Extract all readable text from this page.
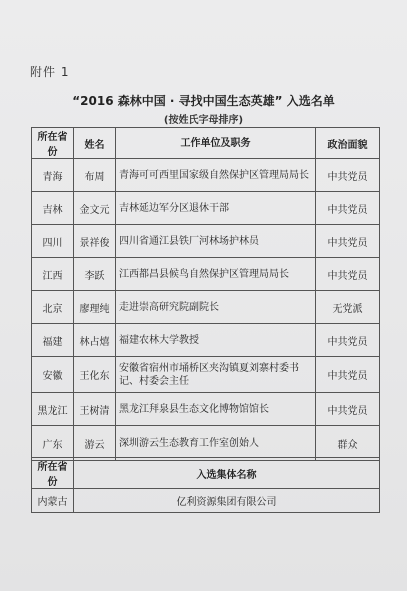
附件 1
“2016 森林中国 · 寻找中国生态英雄” 入选名单
(按姓氏字母排序)
所在省份	姓名	工作单位及职务	政治面貌
青海	布周	青海可可西里国家级自然保护区管理局局长	中共党员
吉林	金文元	吉林延边军分区退休干部	中共党员
四川	景祥俊	四川省通江县铁厂河林场护林员	中共党员
江西	李跃	江西都昌县候鸟自然保护区管理局局长	中共党员
北京	廖理纯	走进崇高研究院副院长	无党派
福建	林占熺	福建农林大学教授	中共党员
安徽	王化东	安徽省宿州市埇桥区夹沟镇夏刘寨村委书记、村委会主任	中共党员
黑龙江	王树清	黑龙江拜泉县生态文化博物馆馆长	中共党员
广东	游云	深圳游云生态教育工作室创始人	群众
所在省份	入选集体名称
内蒙古	亿利资源集团有限公司
